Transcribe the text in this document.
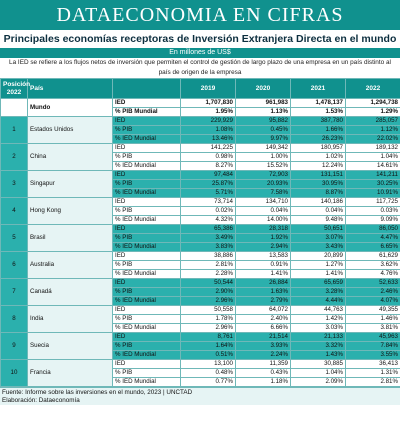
DATAECONOMIA EN CIFRAS
Principales economías receptoras de Inversión Extranjera Directa en el mundo
En millones de US$
La IED se refiere a los flujos netos de inversión que permiten el control de gestión de largo plazo de una empresa en un país distinto al país de origen de la empresa
Posición 2022	País		2019	2020	2021	2022
	Mundo	IED	1,707,830	961,983	1,478,137	1,294,738
		% PIB Mundial	1.95%	1.13%	1.53%	1.29%
1	Estados Unidos	IED	229,929	95,882	387,780	285,057
		% PIB	1.08%	0.45%	1.66%	1.12%
		% IED Mundial	13.46%	9.97%	26.23%	22.02%
2	China	IED	141,225	149,342	180,957	189,132
		% PIB	0.98%	1.00%	1.02%	1.04%
		% IED Mundial	8.27%	15.52%	12.24%	14.61%
3	Singapur	IED	97,484	72,903	131,151	141,211
		% PIB	25.87%	20.93%	30.95%	30.25%
		% IED Mundial	5.71%	7.58%	8.87%	10.91%
4	Hong Kong	IED	73,714	134,710	140,186	117,725
		% PIB	0.02%	0.04%	0.04%	0.03%
		% IED Mundial	4.32%	14.00%	9.48%	9.09%
5	Brasil	IED	65,386	28,318	50,651	86,050
		% PIB	3.49%	1.92%	3.07%	4.47%
		% IED Mundial	3.83%	2.94%	3.43%	6.65%
6	Australia	IED	38,886	13,583	20,899	61,629
		% PIB	2.81%	0.91%	1.27%	3.62%
		% IED Mundial	2.28%	1.41%	1.41%	4.76%
7	Canadá	IED	50,544	26,884	65,659	52,633
		% PIB	2.90%	1.63%	3.28%	2.46%
		% IED Mundial	2.96%	2.79%	4.44%	4.07%
8	India	IED	50,558	64,072	44,763	49,355
		% PIB	1.78%	2.40%	1.42%	1.46%
		% IED Mundial	2.96%	6.66%	3.03%	3.81%
9	Suecia	IED	8,761	21,514	21,133	45,963
		% PIB	1.64%	3.93%	3.32%	7.84%
		% IED Mundial	0.51%	2.24%	1.43%	3.55%
10	Francia	IED	13,100	11,359	30,885	36,413
		% PIB	0.48%	0.43%	1.04%	1.31%
		% IED Mundial	0.77%	1.18%	2.09%	2.81%
Fuente: Informe sobre las inversiones en el mundo, 2023 | UNCTAD
Elaboración: Dataeconomía
